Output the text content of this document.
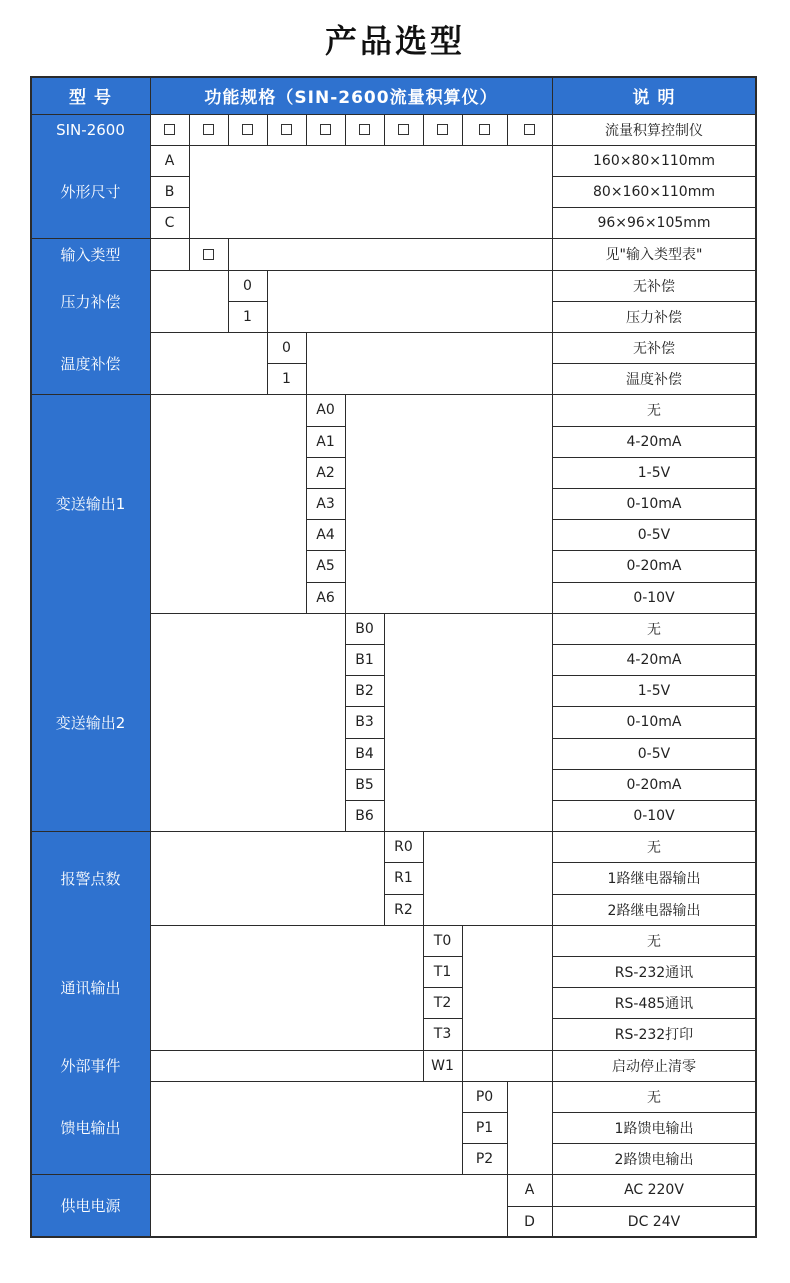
产品选型
型 号	功能规格（SIN-2600流量积算仪）	说 明
SIN-2600	流量积算控制仪
外形尺寸
A	160×80×110mm
B	80×160×110mm
C	96×96×105mm
输入类型	见"输入类型表"
压力补偿
0	无补偿
1	压力补偿
温度补偿
0	无补偿
1	温度补偿
变送输出1
A0	无
A1	4-20mA
A2	1-5V
A3	0-10mA
A4	0-5V
A5	0-20mA
A6	0-10V
变送输出2
B0	无
B1	4-20mA
B2	1-5V
B3	0-10mA
B4	0-5V
B5	0-20mA
B6	0-10V
报警点数
R0	无
R1	1路继电器输出
R2	2路继电器输出
通讯输出
T0	无
T1	RS-232通讯
T2	RS-485通讯
T3	RS-232打印
外部事件	W1	启动停止清零
馈电输出
P0	无
P1	1路馈电输出
P2	2路馈电输出
供电电源
A	AC 220V
D	DC 24V
